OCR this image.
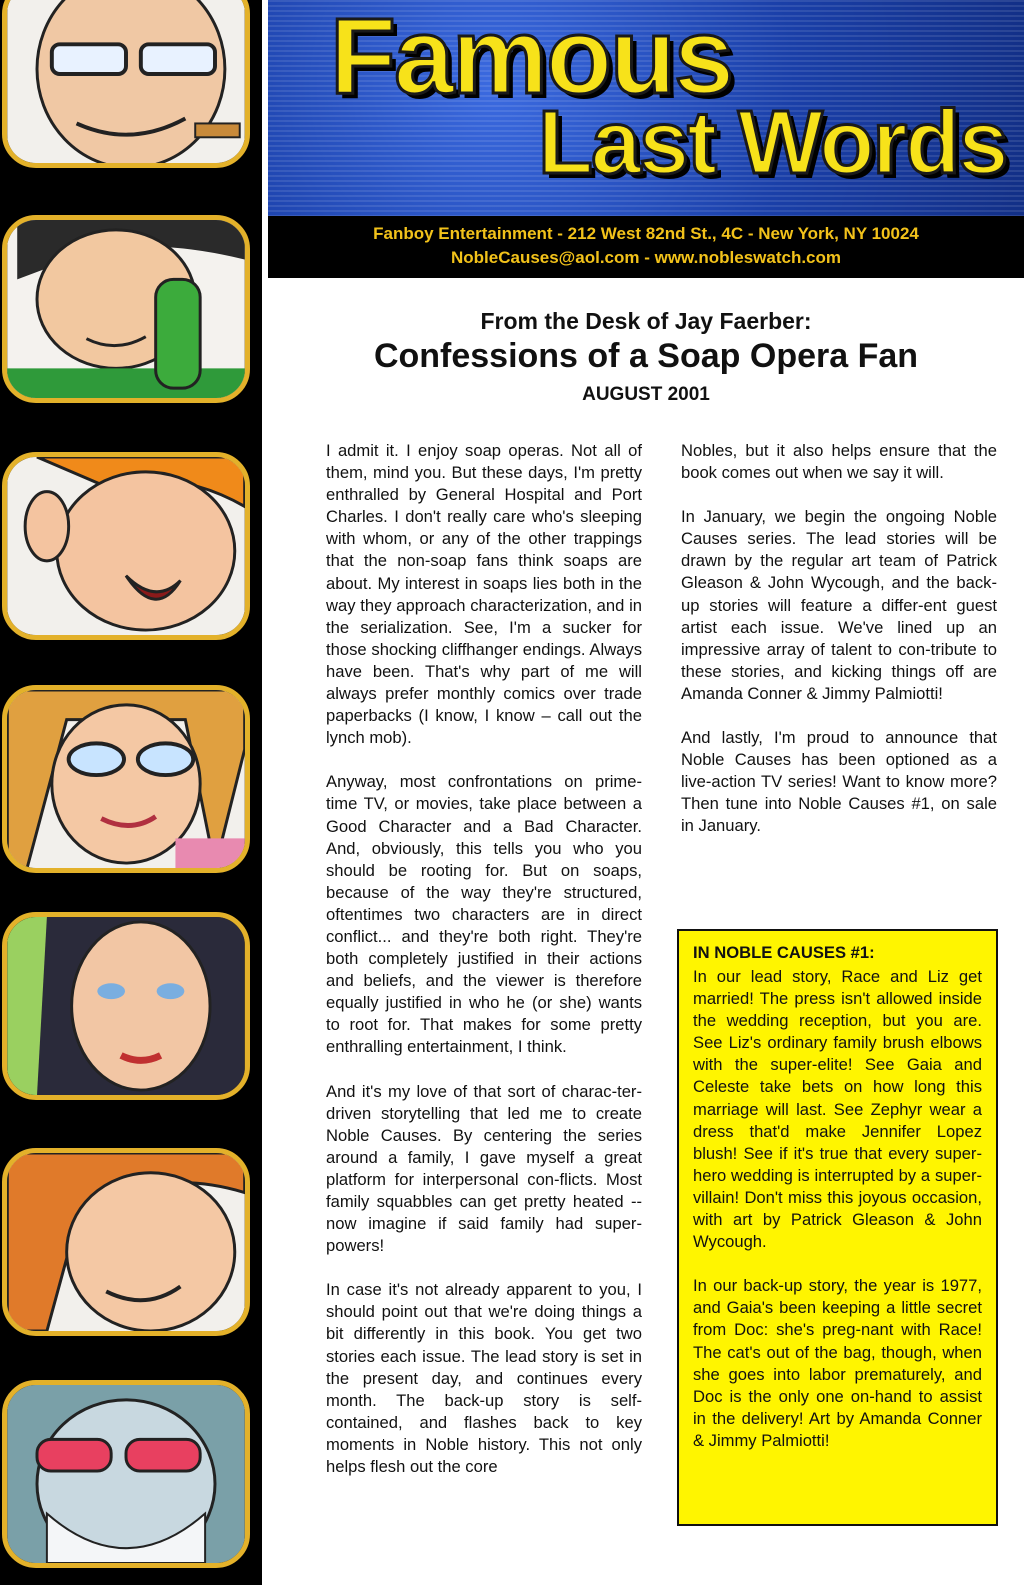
Famous
Last Words
Fanboy Entertainment - 212 West 82nd St., 4C - New York, NY 10024
NobleCauses@aol.com - www.nobleswatch.com
From the Desk of Jay Faerber:
Confessions of a Soap Opera Fan
AUGUST 2001

I admit it. I enjoy soap operas. Not all of them, mind you. But these days, I'm pretty enthralled by General Hospital and Port Charles. I don't really care who's sleeping with whom, or any of the other trappings that the non-soap fans think soaps are about. My interest in soaps lies both in the way they approach characterization, and in the serialization. See, I'm a sucker for those shocking cliffhanger endings. Always have been. That's why part of me will always prefer monthly comics over trade paperbacks (I know, I know – call out the lynch mob).

Anyway, most confrontations on prime-time TV, or movies, take place between a Good Character and a Bad Character. And, obviously, this tells you who you should be rooting for. But on soaps, because of the way they're structured, oftentimes two characters are in direct conflict... and they're both right. They're both completely justified in their actions and beliefs, and the viewer is therefore equally justified in who he (or she) wants to root for. That makes for some pretty enthralling entertainment, I think.

And it's my love of that sort of charac-ter-driven storytelling that led me to create Noble Causes. By centering the series around a family, I gave myself a great platform for interpersonal con-flicts. Most family squabbles can get pretty heated -- now imagine if said family had super-powers!

In case it's not already apparent to you, I should point out that we're doing things a bit differently in this book. You get two stories each issue. The lead story is set in the present day, and continues every month. The back-up story is self-contained, and flashes back to key moments in Noble history. This not only helps flesh out the core

Nobles, but it also helps ensure that the book comes out when we say it will.

In January, we begin the ongoing Noble Causes series. The lead stories will be drawn by the regular art team of Patrick Gleason & John Wycough, and the back-up stories will feature a differ-ent guest artist each issue. We've lined up an impressive array of talent to con-tribute to these stories, and kicking things off are Amanda Conner & Jimmy Palmiotti!

And lastly, I'm proud to announce that Noble Causes has been optioned as a live-action TV series! Want to know more? Then tune into Noble Causes #1, on sale in January.

IN NOBLE CAUSES #1:

In our lead story, Race and Liz get married! The press isn't allowed inside the wedding reception, but you are. See Liz's ordinary family brush elbows with the super-elite! See Gaia and Celeste take bets on how long this marriage will last. See Zephyr wear a dress that'd make Jennifer Lopez blush! See if it's true that every super-hero wedding is interrupted by a super-villain! Don't miss this joyous occasion, with art by Patrick Gleason & John Wycough.

In our back-up story, the year is 1977, and Gaia's been keeping a little secret from Doc: she's preg-nant with Race! The cat's out of the bag, though, when she goes into labor prematurely, and Doc is the only one on-hand to assist in the delivery! Art by Amanda Conner & Jimmy Palmiotti!
